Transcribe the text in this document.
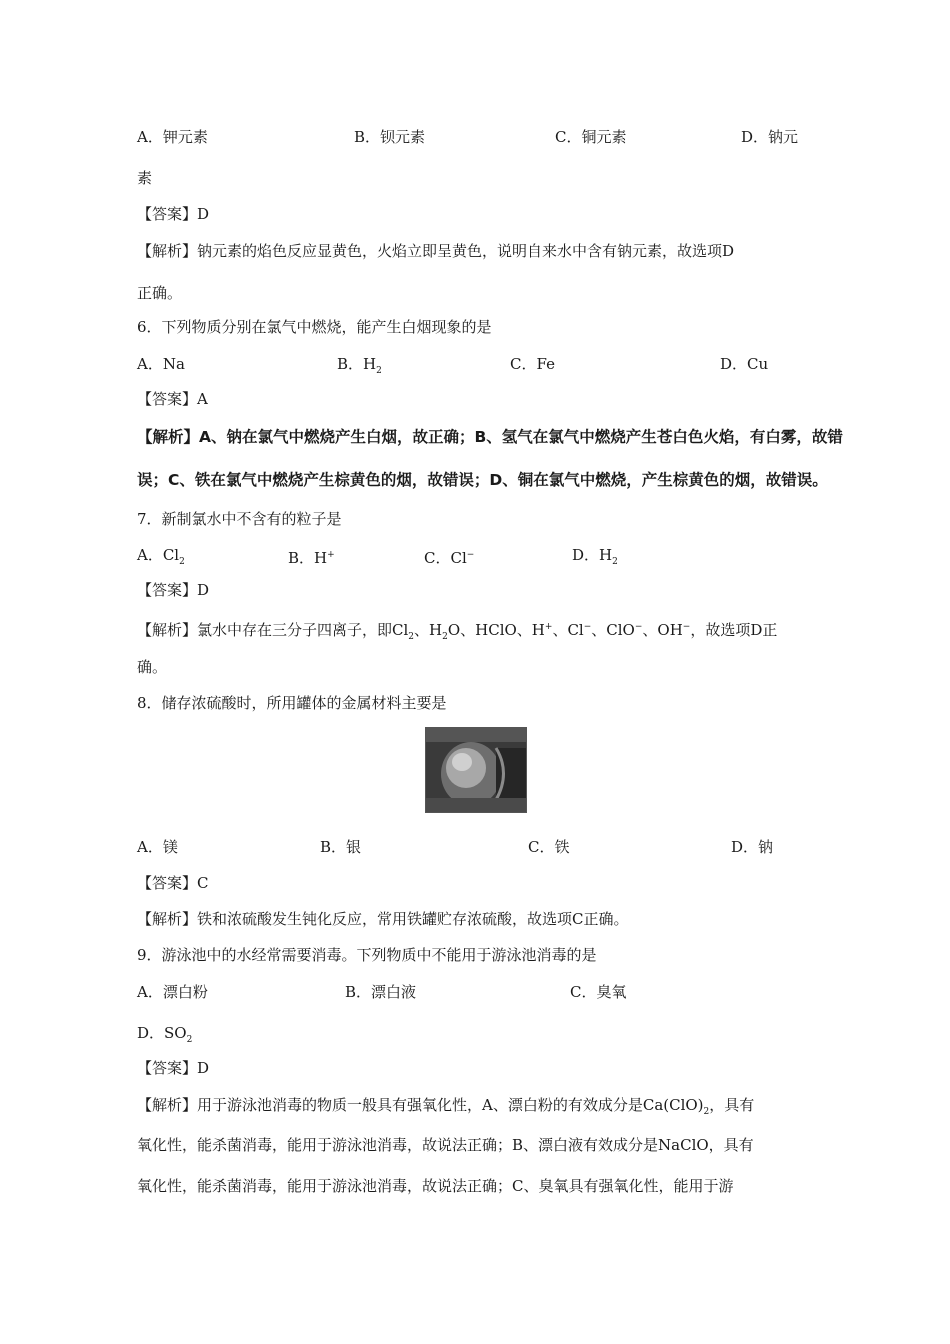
A．钾元素	B．钡元素	C．铜元素	D．钠元
素
【答案】D
【解析】钠元素的焰色反应显黄色，火焰立即呈黄色，说明自来水中含有钠元素，故选项D
正确。
6．下列物质分别在氯气中燃烧，能产生白烟现象的是
A．Na	B．$H_2$	C．Fe	D．Cu
【答案】A
【解析】A、钠在氯气中燃烧产生白烟，故正确；B、氢气在氯气中燃烧产生苍白色火焰，有白雾，故错
误；C、铁在氯气中燃烧产生棕黄色的烟，故错误；D、铜在氯气中燃烧，产生棕黄色的烟，故错误。
7．新制氯水中不含有的粒子是
A．$Cl_2$	B．H+	C．Cl−	D．$H_2$
【答案】D
【解析】氯水中存在三分子四离子，即$Cl_2$、$H_2O$、HClO、H+、Cl−、ClO−、OH−，故选项D正
确。
8．储存浓硫酸时，所用罐体的金属材料主要是
A．镁	B．银	C．铁	D．钠
【答案】C
【解析】铁和浓硫酸发生钝化反应，常用铁罐贮存浓硫酸，故选项C正确。
9．游泳池中的水经常需要消毒。下列物质中不能用于游泳池消毒的是
A．漂白粉	B．漂白液	C．臭氧
D．$SO_2$
【答案】D
【解析】用于游泳池消毒的物质一般具有强氧化性，A、漂白粉的有效成分是$Ca(ClO)_2$，具有
氧化性，能杀菌消毒，能用于游泳池消毒，故说法正确；B、漂白液有效成分是NaClO，具有
氧化性，能杀菌消毒，能用于游泳池消毒，故说法正确；C、臭氧具有强氧化性，能用于游
